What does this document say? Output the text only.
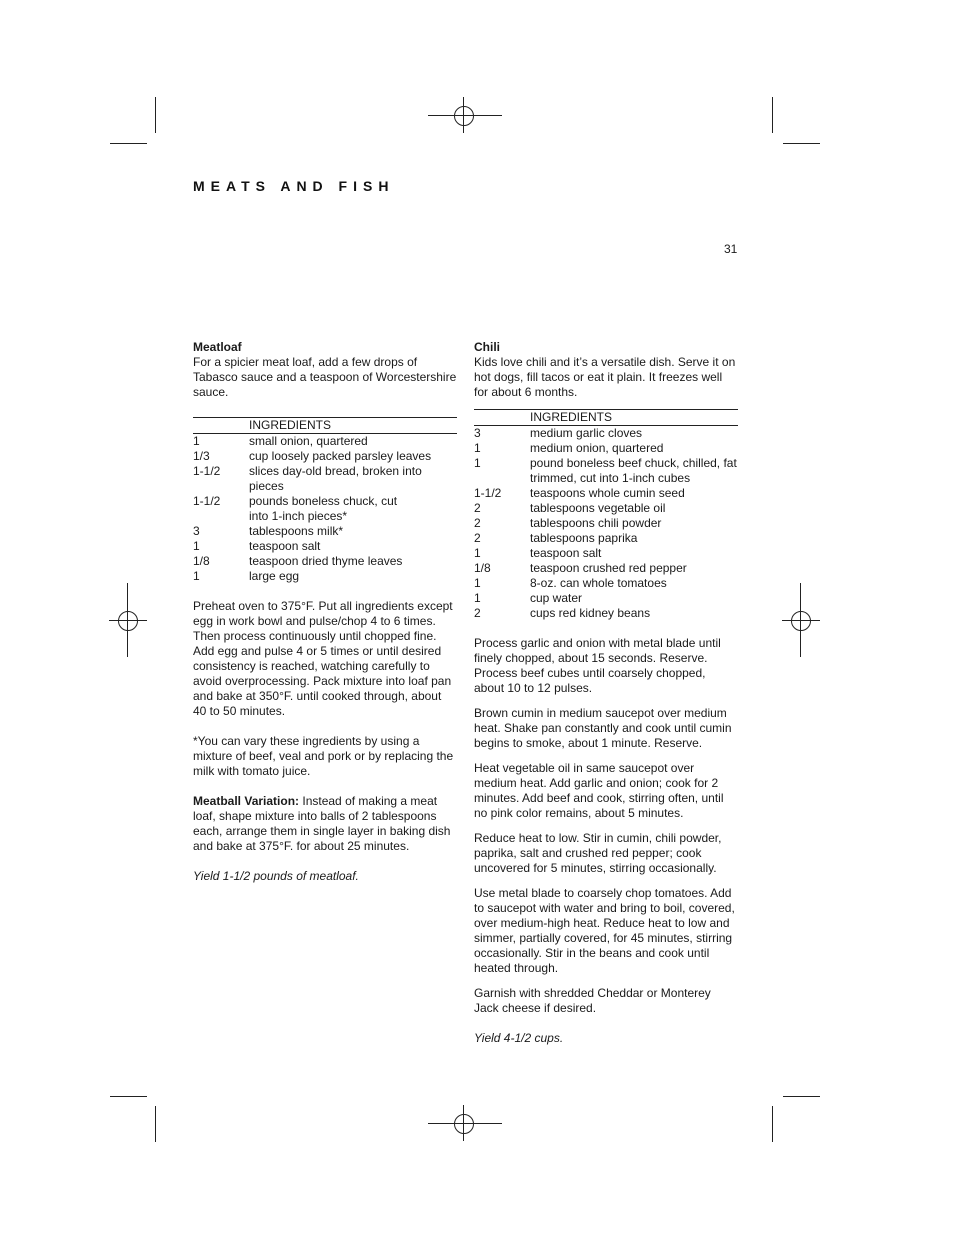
MEATS AND FISH
31
Meatloaf

For a spicier meat loaf, add a few drops of Tabasco sauce and a teaspoon of Worcestershire sauce.

INGREDIENTS
1	small onion, quartered
1/3	cup loosely packed parsley leaves
1-1/2	slices day-old bread, broken into pieces
1-1/2	pounds boneless chuck, cut into 1-inch pieces*
3	tablespoons milk*
1	teaspoon salt
1/8	teaspoon dried thyme leaves
1	large egg

Preheat oven to 375°F. Put all ingredients except egg in work bowl and pulse/chop 4 to 6 times. Then process continuously until chopped fine. Add egg and pulse 4 or 5 times or until desired consistency is reached, watching carefully to avoid overprocessing. Pack mixture into loaf pan and bake at 350°F. until cooked through, about 40 to 50 minutes.

*You can vary these ingredients by using a mixture of beef, veal and pork or by replacing the milk with tomato juice.

Meatball Variation: Instead of making a meat loaf, shape mixture into balls of 2 tablespoons each, arrange them in single layer in baking dish and bake at 375°F. for about 25 minutes.

Yield 1-1/2 pounds of meatloaf.

Chili

Kids love chili and it’s a versatile dish. Serve it on hot dogs, fill tacos or eat it plain. It freezes well for about 6 months.

INGREDIENTS
3	medium garlic cloves
1	medium onion, quartered
1	pound boneless beef chuck, chilled, fat trimmed, cut into 1-inch cubes
1-1/2	teaspoons whole cumin seed
2	tablespoons vegetable oil
2	tablespoons chili powder
2	tablespoons paprika
1	teaspoon salt
1/8	teaspoon crushed red pepper
1	8-oz. can whole tomatoes
1	cup water
2	cups red kidney beans

Process garlic and onion with metal blade until finely chopped, about 15 seconds. Reserve. Process beef cubes until coarsely chopped, about 10 to 12 pulses.

Brown cumin in medium saucepot over medium heat. Shake pan constantly and cook until cumin begins to smoke, about 1 minute. Reserve.

Heat vegetable oil in same saucepot over medium heat. Add garlic and onion; cook for 2 minutes. Add beef and cook, stirring often, until no pink color remains, about 5 minutes.

Reduce heat to low. Stir in cumin, chili powder, paprika, salt and crushed red pepper; cook uncovered for 5 minutes, stirring occasionally.

Use metal blade to coarsely chop tomatoes. Add to saucepot with water and bring to boil, covered, over medium-high heat. Reduce heat to low and simmer, partially covered, for 45 minutes, stirring occasionally. Stir in the beans and cook until heated through.

Garnish with shredded Cheddar or Monterey Jack cheese if desired.

Yield 4-1/2 cups.
